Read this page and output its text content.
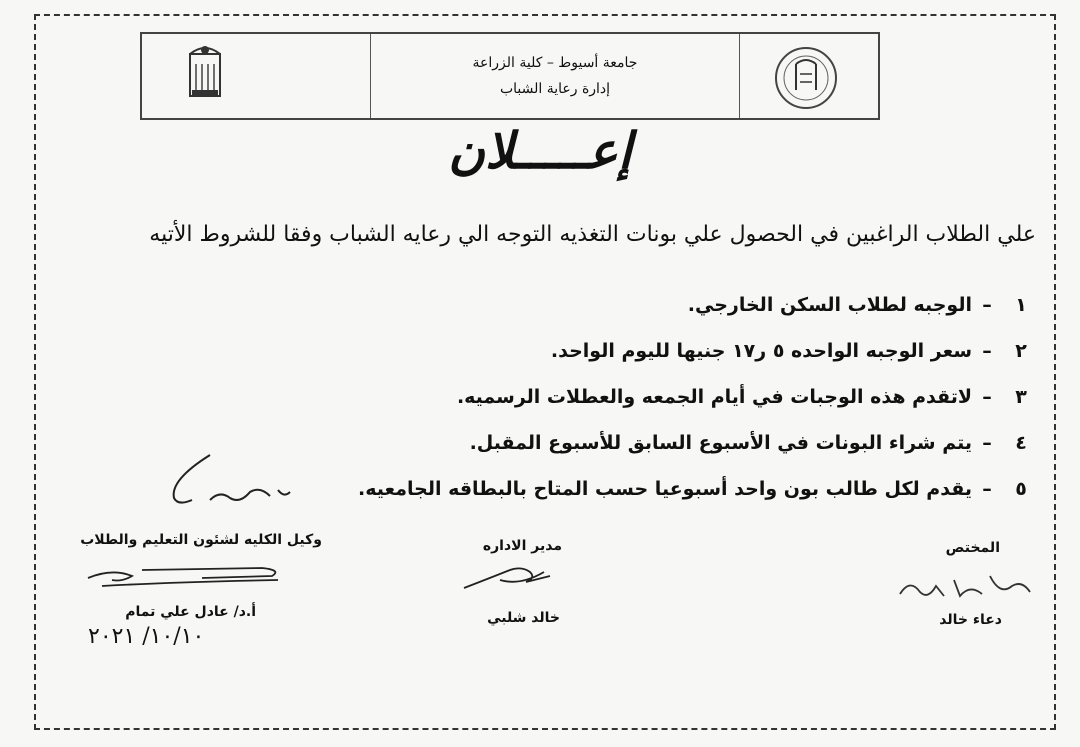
جامعة أسيوط – كلية الزراعة
إدارة رعاية الشباب
إعـــــلان
علي الطلاب الراغبين في الحصول علي بونات التغذيه التوجه الي رعايه الشباب وفقا للشروط الأتيه
١
–
الوجبه لطلاب السكن الخارجي.
٢
–
سعر الوجبه الواحده ٥ ر١٧ جنيها لليوم الواحد.
٣
–
لاتقدم هذه الوجبات في أيام الجمعه والعطلات الرسميه.
٤
–
يتم شراء البونات في الأسبوع السابق للأسبوع المقبل.
٥
–
يقدم لكل طالب بون واحد أسبوعيا حسب المتاح بالبطاقه الجامعيه.
المختص
دعاء خالد
مدير الاداره
خالد شلبي
وكيل الكليه لشئون التعليم والطلاب
أ.د/ عادل علي تمام
١٠/١٠/ ٢٠٢١
